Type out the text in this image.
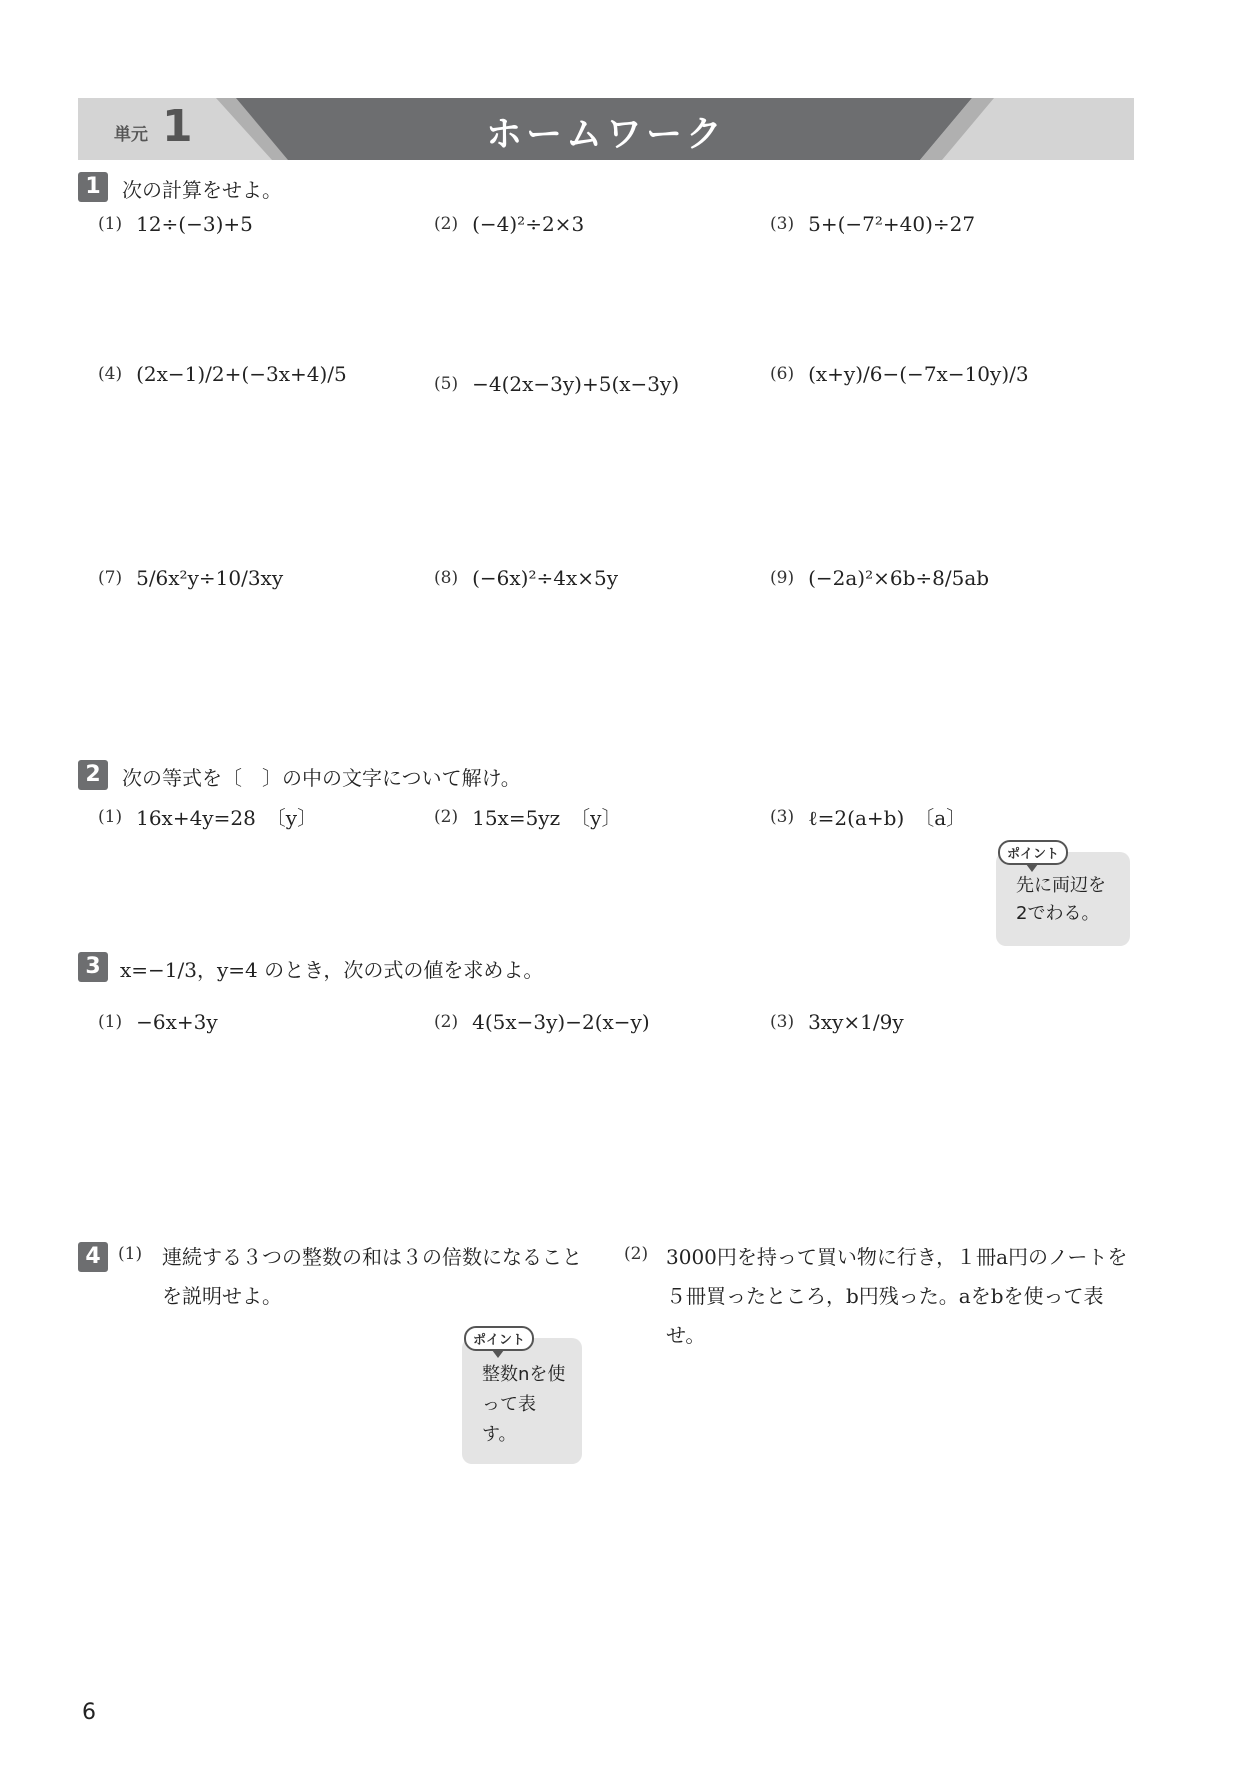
単元 1	ホームワーク
1	次の計算をせよ。
(1) 12÷(−3)+5	(2) (−4)²÷2×3	(3) 5+(−7²+40)÷27
(4) (2x−1)/2+(−3x+4)/5	(5) −4(2x−3y)+5(x−3y)	(6) (x+y)/6−(−7x−10y)/3
(7) 5/6x²y÷10/3xy	(8) (−6x)²÷4x×5y	(9) (−2a)²×6b÷8/5ab
2	次の等式を〔　〕の中の文字について解け。
(1) 16x+4y=28　〔y〕	(2) 15x=5yz　〔y〕	(3) ℓ=2(a+b)　〔a〕
ポイント
先に両辺を2でわる。
3 x=−1/3，y=4 のとき，次の式の値を求めよ。
(1) −6x+3y	(2) 4(5x−3y)−2(x−y)	(3) 3xy×1/9y
4	(1) 連続する３つの整数の和は３の倍数になることを説明せよ。
ポイント
整数nを使って表す。
(2) 3000円を持って買い物に行き，１冊a円のノートを５冊買ったところ，b円残った。aをbを使って表せ。
6
